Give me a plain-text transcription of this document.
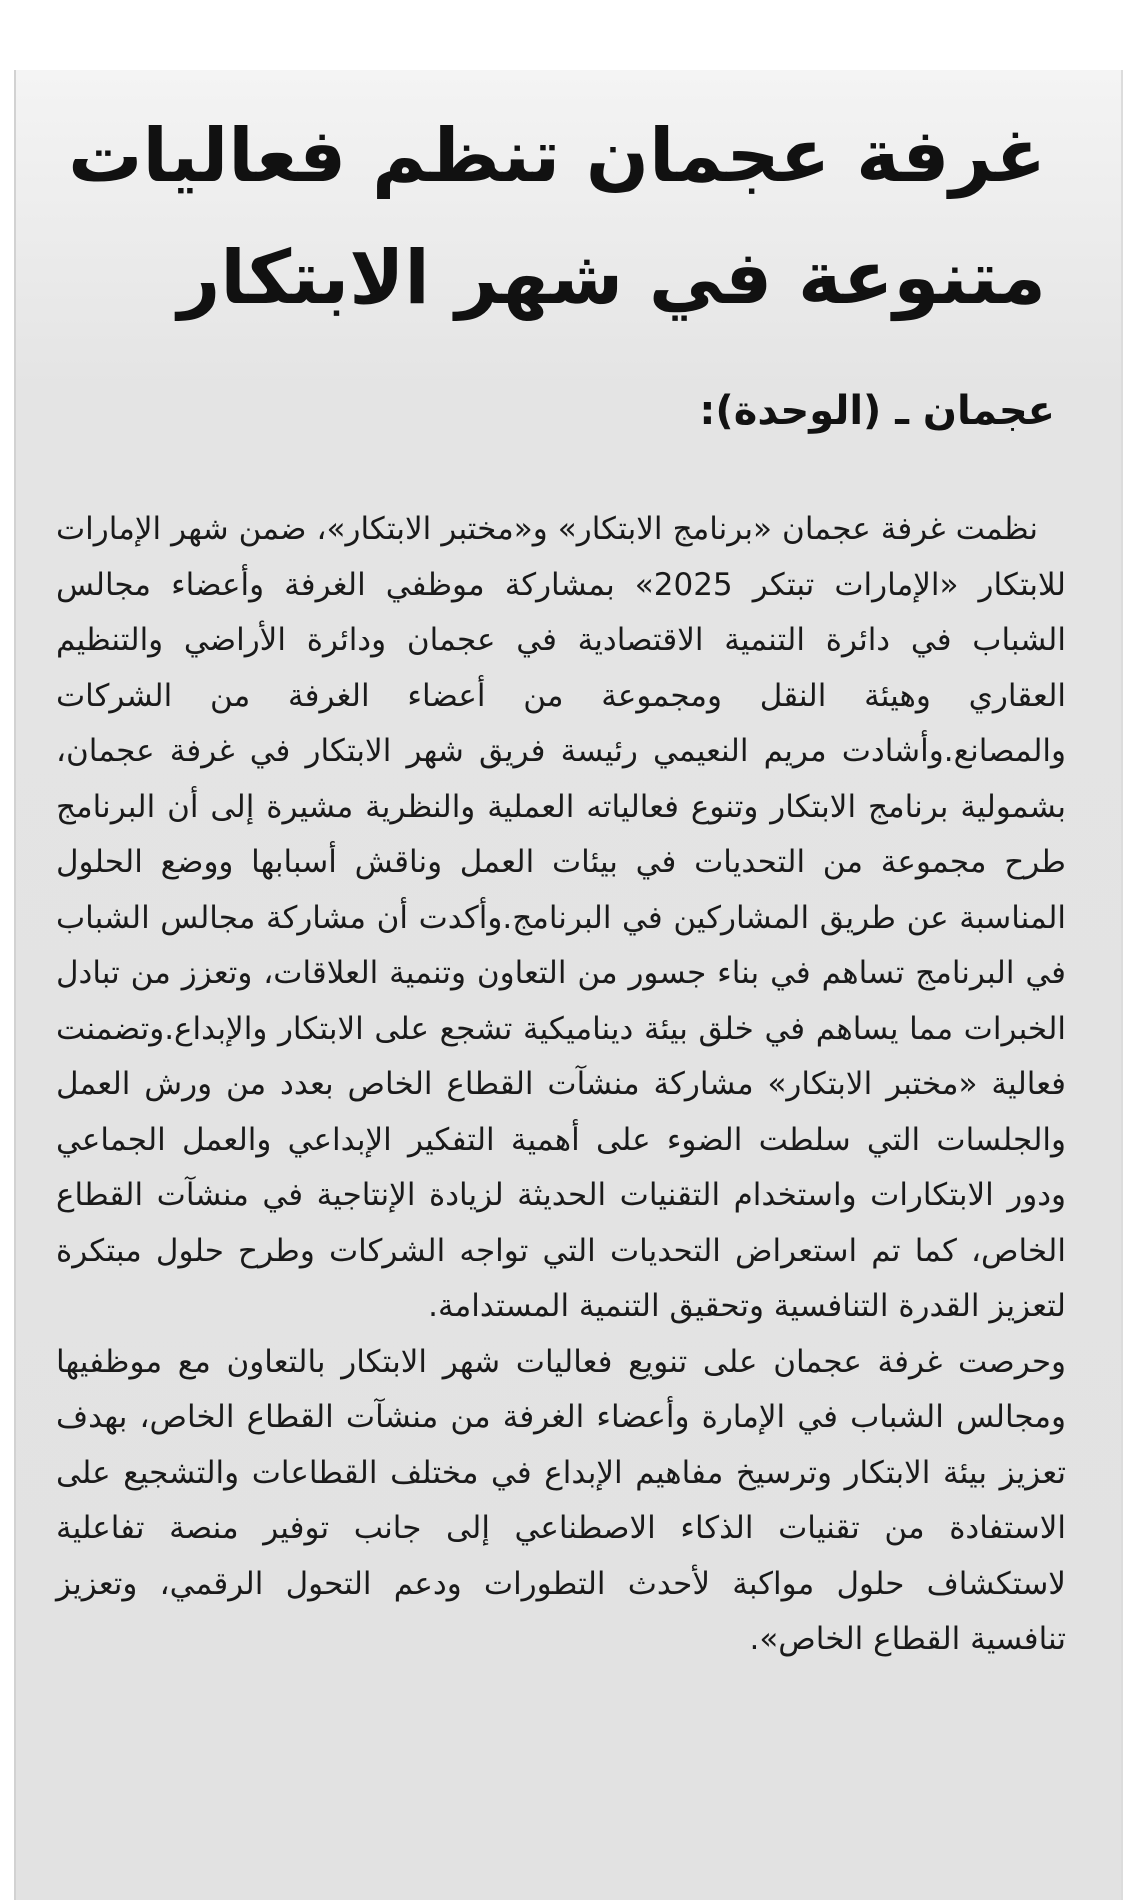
غرفة عجمان تنظم فعاليات متنوعة في شهر الابتكار
عجمان ـ (الوحدة):

نظمت غرفة عجمان «برنامج الابتكار» و«مختبر الابتكار»، ضمن شهر الإمارات للابتكار «الإمارات تبتكر 2025» بمشاركة موظفي الغرفة وأعضاء مجالس الشباب في دائرة التنمية الاقتصادية في عجمان ودائرة الأراضي والتنظيم العقاري وهيئة النقل ومجموعة من أعضاء الغرفة من الشركات والمصانع.وأشادت مريم النعيمي رئيسة فريق شهر الابتكار في غرفة عجمان، بشمولية برنامج الابتكار وتنوع فعالياته العملية والنظرية مشيرة إلى أن البرنامج طرح مجموعة من التحديات في بيئات العمل وناقش أسبابها ووضع الحلول المناسبة عن طريق المشاركين في البرنامج.وأكدت أن مشاركة مجالس الشباب في البرنامج تساهم في بناء جسور من التعاون وتنمية العلاقات، وتعزز من تبادل الخبرات مما يساهم في خلق بيئة ديناميكية تشجع على الابتكار والإبداع.وتضمنت فعالية «مختبر الابتكار» مشاركة منشآت القطاع الخاص بعدد من ورش العمل والجلسات التي سلطت الضوء على أهمية التفكير الإبداعي والعمل الجماعي ودور الابتكارات واستخدام التقنيات الحديثة لزيادة الإنتاجية في منشآت القطاع الخاص، كما تم استعراض التحديات التي تواجه الشركات وطرح حلول مبتكرة لتعزيز القدرة التنافسية وتحقيق التنمية المستدامة.

وحرصت غرفة عجمان على تنويع فعاليات شهر الابتكار بالتعاون مع موظفيها ومجالس الشباب في الإمارة وأعضاء الغرفة من منشآت القطاع الخاص، بهدف تعزيز بيئة الابتكار وترسيخ مفاهيم الإبداع في مختلف القطاعات والتشجيع على الاستفادة من تقنيات الذكاء الاصطناعي إلى جانب توفير منصة تفاعلية لاستكشاف حلول مواكبة لأحدث التطورات ودعم التحول الرقمي، وتعزيز تنافسية القطاع الخاص».
